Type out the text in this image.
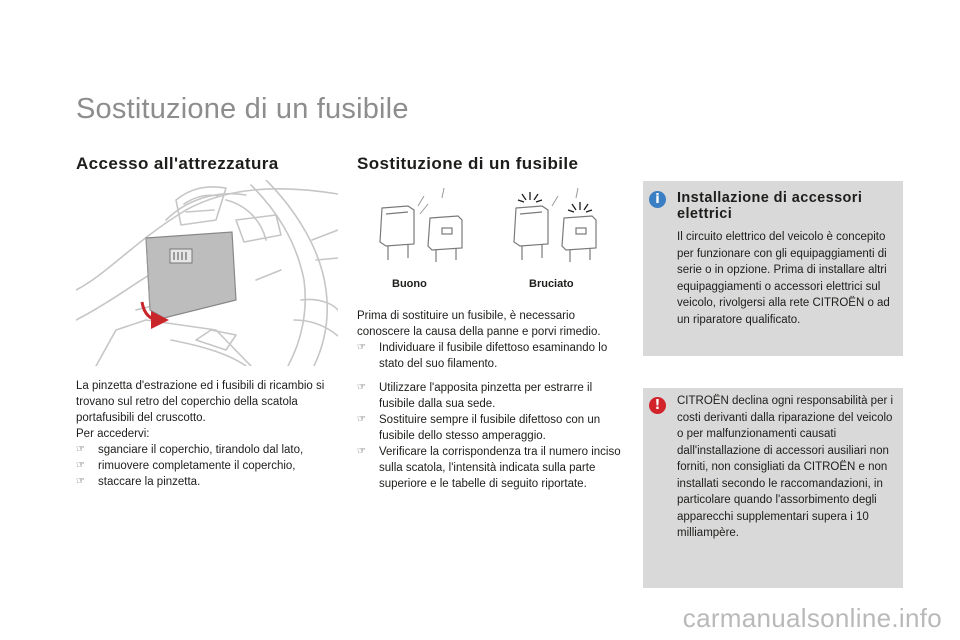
Sostituzione di un fusibile
Accesso all'attrezzatura

La pinzetta d'estrazione ed i fusibili di ricambio si trovano sul retro del coperchio della scatola portafusibili del cruscotto.

Per accedervi:

☞ sganciare il coperchio, tirandolo dal lato,
☞ rimuovere completamente il coperchio,
☞ staccare la pinzetta.
Sostituzione di un fusibile
Buono	Bruciato

Prima di sostituire un fusibile, è necessario conoscere la causa della panne e porvi rimedio.

☞ Individuare il fusibile difettoso esaminando lo stato del suo filamento.
☞ Utilizzare l'apposita pinzetta per estrarre il fusibile dalla sua sede.
☞ Sostituire sempre il fusibile difettoso con un fusibile dello stesso amperaggio.
☞ Verificare la corrispondenza tra il numero inciso sulla scatola, l'intensità indicata sulla parte superiore e le tabelle di seguito riportate.
i	Installazione di accessori elettrici
Il circuito elettrico del veicolo è concepito per funzionare con gli equipaggiamenti di serie o in opzione. Prima di installare altri equipaggiamenti o accessori elettrici sul veicolo, rivolgersi alla rete CITROËN o ad un riparatore qualificato.
!	CITROËN declina ogni responsabilità per i costi derivanti dalla riparazione del veicolo o per malfunzionamenti causati dall'installazione di accessori ausiliari non forniti, non consigliati da CITROËN e non installati secondo le raccomandazioni, in particolare quando l'assorbimento degli apparecchi supplementari supera i 10 milliampère.
carmanualsonline.info
